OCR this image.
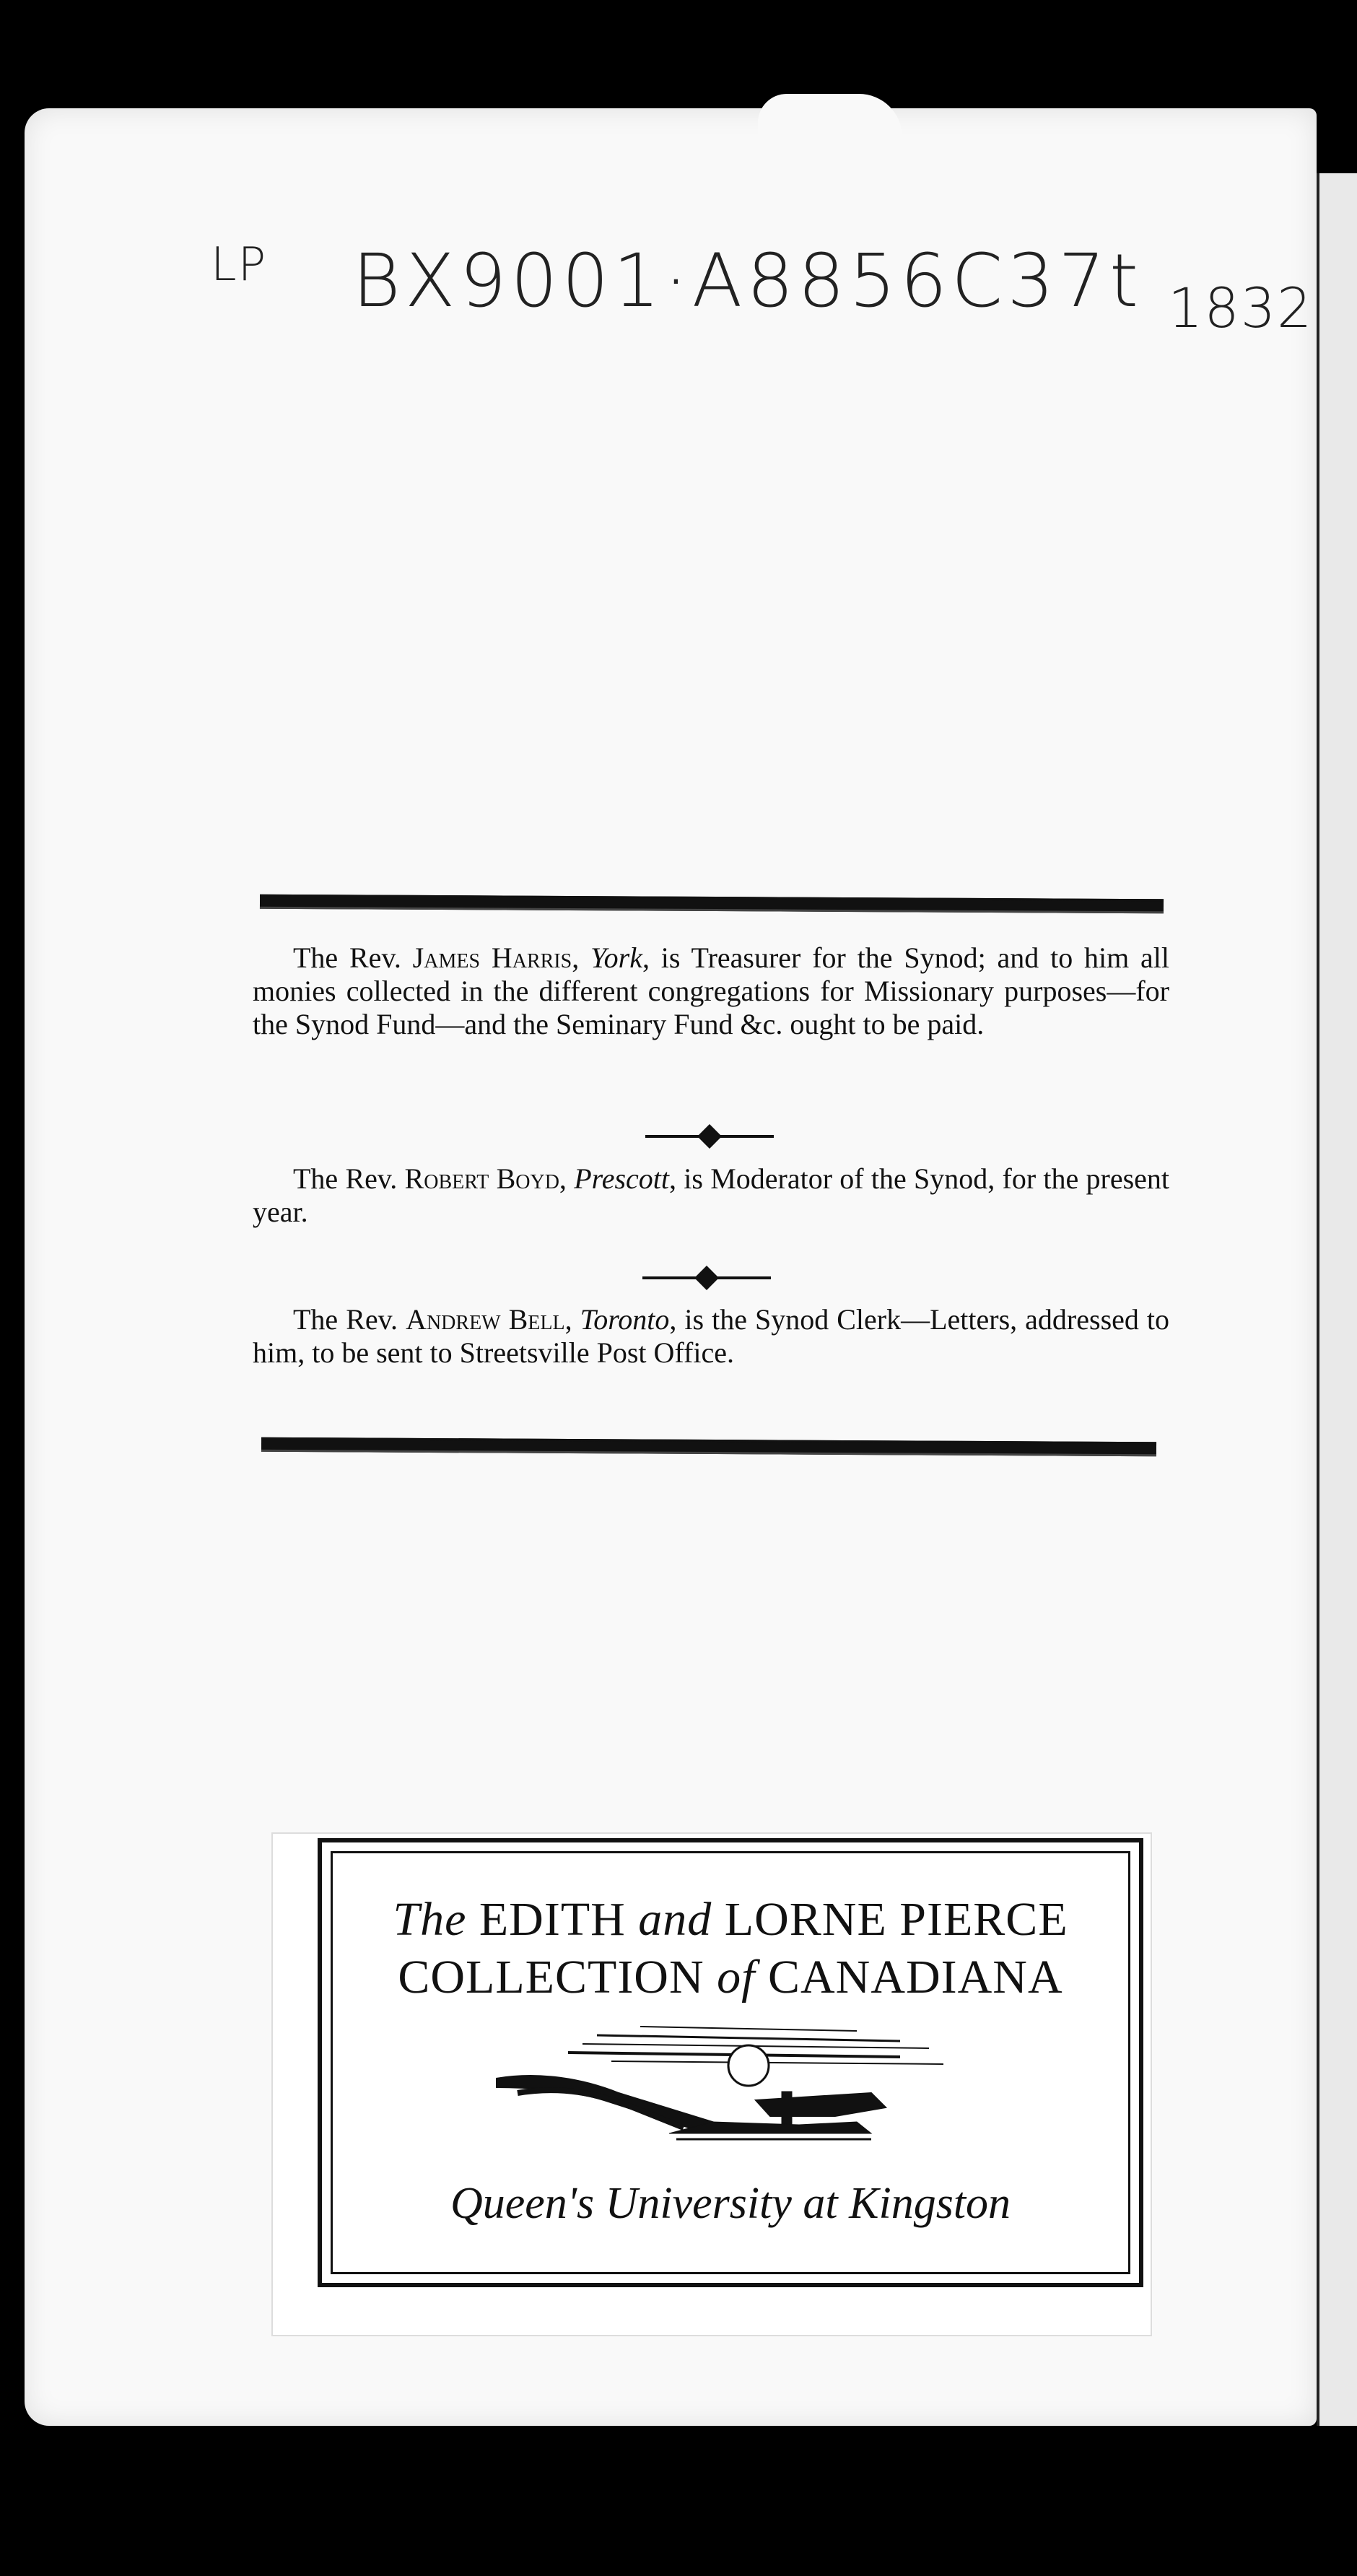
LP BX9001·A8856C37t 1832

The Rev. James Harris, York, is Treasurer for the Synod; and to him all monies collected in the different congregations for Missionary purposes—for the Synod Fund—and the Seminary Fund &c. ought to be paid.

The Rev. Robert Boyd, Prescott, is Moderator of the Synod, for the present year.

The Rev. Andrew Bell, Toronto, is the Synod Clerk—Letters, addressed to him, to be sent to Streetsville Post Office.

The EDITH and LORNE PIERCE
COLLECTION of CANADIANA
Queen's University at Kingston
